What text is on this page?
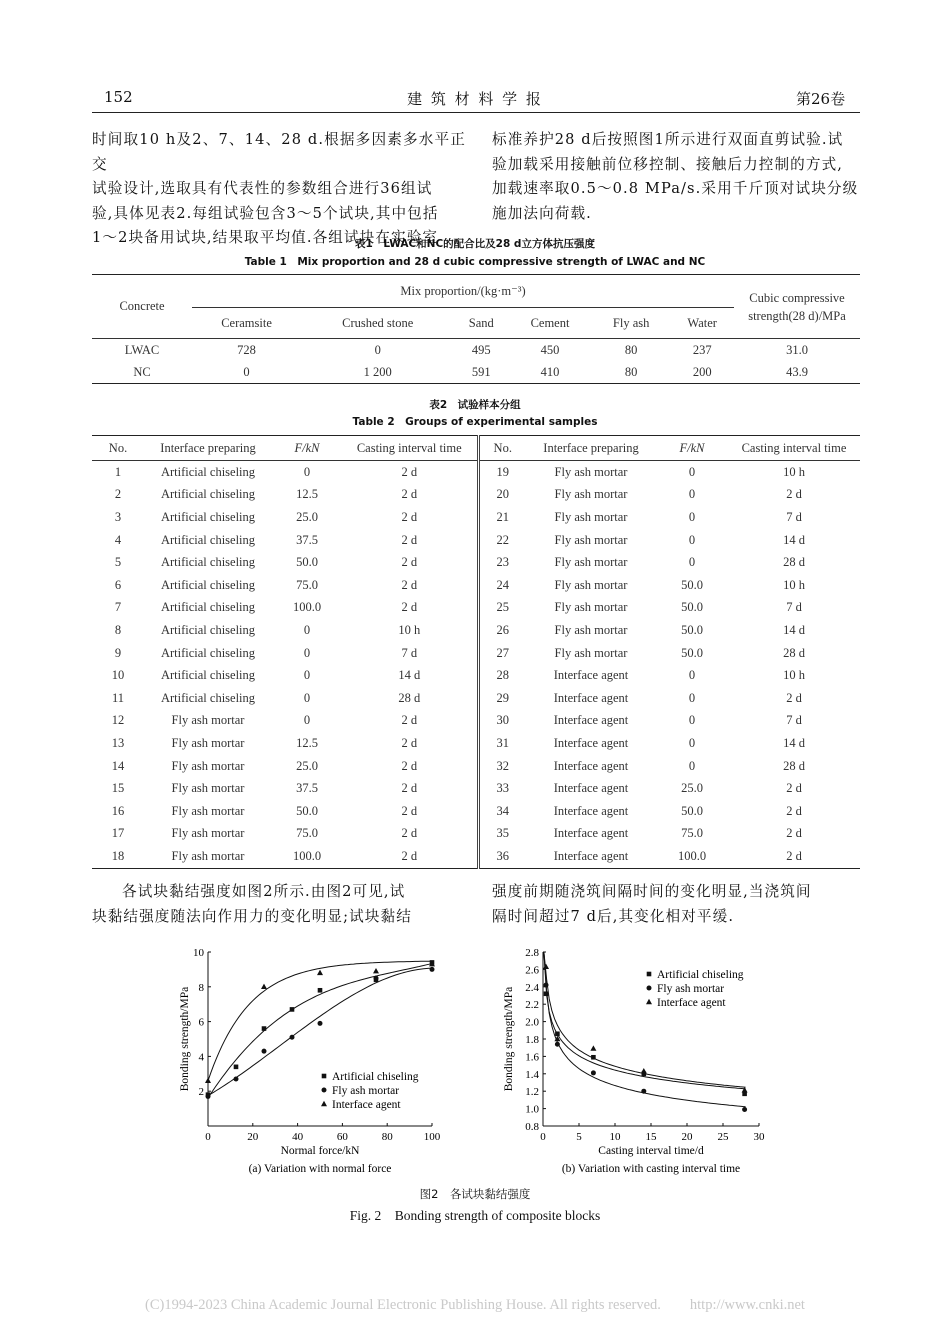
152	建 筑 材 料 学 报	第26卷
时间取10 h及2、7、14、28 d.根据多因素多水平正交
试验设计,选取具有代表性的参数组合进行36组试
验,具体见表2.每组试验包含3～5个试块,其中包括
1～2块备用试块,结果取平均值.各组试块在实验室
标准养护28 d后按照图1所示进行双面直剪试验.试
验加载采用接触前位移控制、接触后力控制的方式,
加载速率取0.5～0.8 MPa/s.采用千斤顶对试块分级
施加法向荷载.
表1　LWAC和NC的配合比及28 d立方体抗压强度
Table 1　Mix proportion and 28 d cubic compressive strength of LWAC and NC
Concrete	Mix proportion/(kg·m⁻³)						Cubic compressive
strength(28 d)/MPa

	Ceramsite	Crushed stone	Sand	Cement	Fly ash	Water	
LWAC	728	0	495	450	80	237	31.0
NC	0	1 200	591	410	80	200	43.9
表2　试验样本分组
Table 2　Groups of experimental samples
No.	Interface preparing	F/kN	Casting interval time	No.	Interface preparing	F/kN	Casting interval time
1	Artificial chiseling	0	2 d	19	Fly ash mortar	0	10 h
2	Artificial chiseling	12.5	2 d	20	Fly ash mortar	0	2 d
3	Artificial chiseling	25.0	2 d	21	Fly ash mortar	0	7 d
4	Artificial chiseling	37.5	2 d	22	Fly ash mortar	0	14 d
5	Artificial chiseling	50.0	2 d	23	Fly ash mortar	0	28 d
6	Artificial chiseling	75.0	2 d	24	Fly ash mortar	50.0	10 h
7	Artificial chiseling	100.0	2 d	25	Fly ash mortar	50.0	7 d
8	Artificial chiseling	0	10 h	26	Fly ash mortar	50.0	14 d
9	Artificial chiseling	0	7 d	27	Fly ash mortar	50.0	28 d
10	Artificial chiseling	0	14 d	28	Interface agent	0	10 h
11	Artificial chiseling	0	28 d	29	Interface agent	0	2 d
12	Fly ash mortar	0	2 d	30	Interface agent	0	7 d
13	Fly ash mortar	12.5	2 d	31	Interface agent	0	14 d
14	Fly ash mortar	25.0	2 d	32	Interface agent	0	28 d
15	Fly ash mortar	37.5	2 d	33	Interface agent	25.0	2 d
16	Fly ash mortar	50.0	2 d	34	Interface agent	50.0	2 d
17	Fly ash mortar	75.0	2 d	35	Interface agent	75.0	2 d
18	Fly ash mortar	100.0	2 d	36	Interface agent	100.0	2 d
各试块黏结强度如图2所示.由图2可见,试
块黏结强度随法向作用力的变化明显;试块黏结
强度前期随浇筑间隔时间的变化明显,当浇筑间
隔时间超过7 d后,其变化相对平缓.
0	20	40	60	80	100
2
4
6
8
10
Normal force/kN
Bonding strength/MPa
(a) Variation with normal force
Artificial chiseling
Fly ash mortar
Interface agent
0	5	10 15 20 25 30
0.8
1.0
1.2
1.4
1.6
1.8
2.0
2.2
2.4
2.6
2.8
Casting interval time/d
Bonding strength/MPa
(b) Variation with casting interval time
Artificial chiseling
Fly ash mortar
Interface agent
图2　各试块黏结强度
Fig. 2　Bonding strength of composite blocks
(C)1994-2023 China Academic Journal Electronic Publishing House. All rights reserved.　　http://www.cnki.net
